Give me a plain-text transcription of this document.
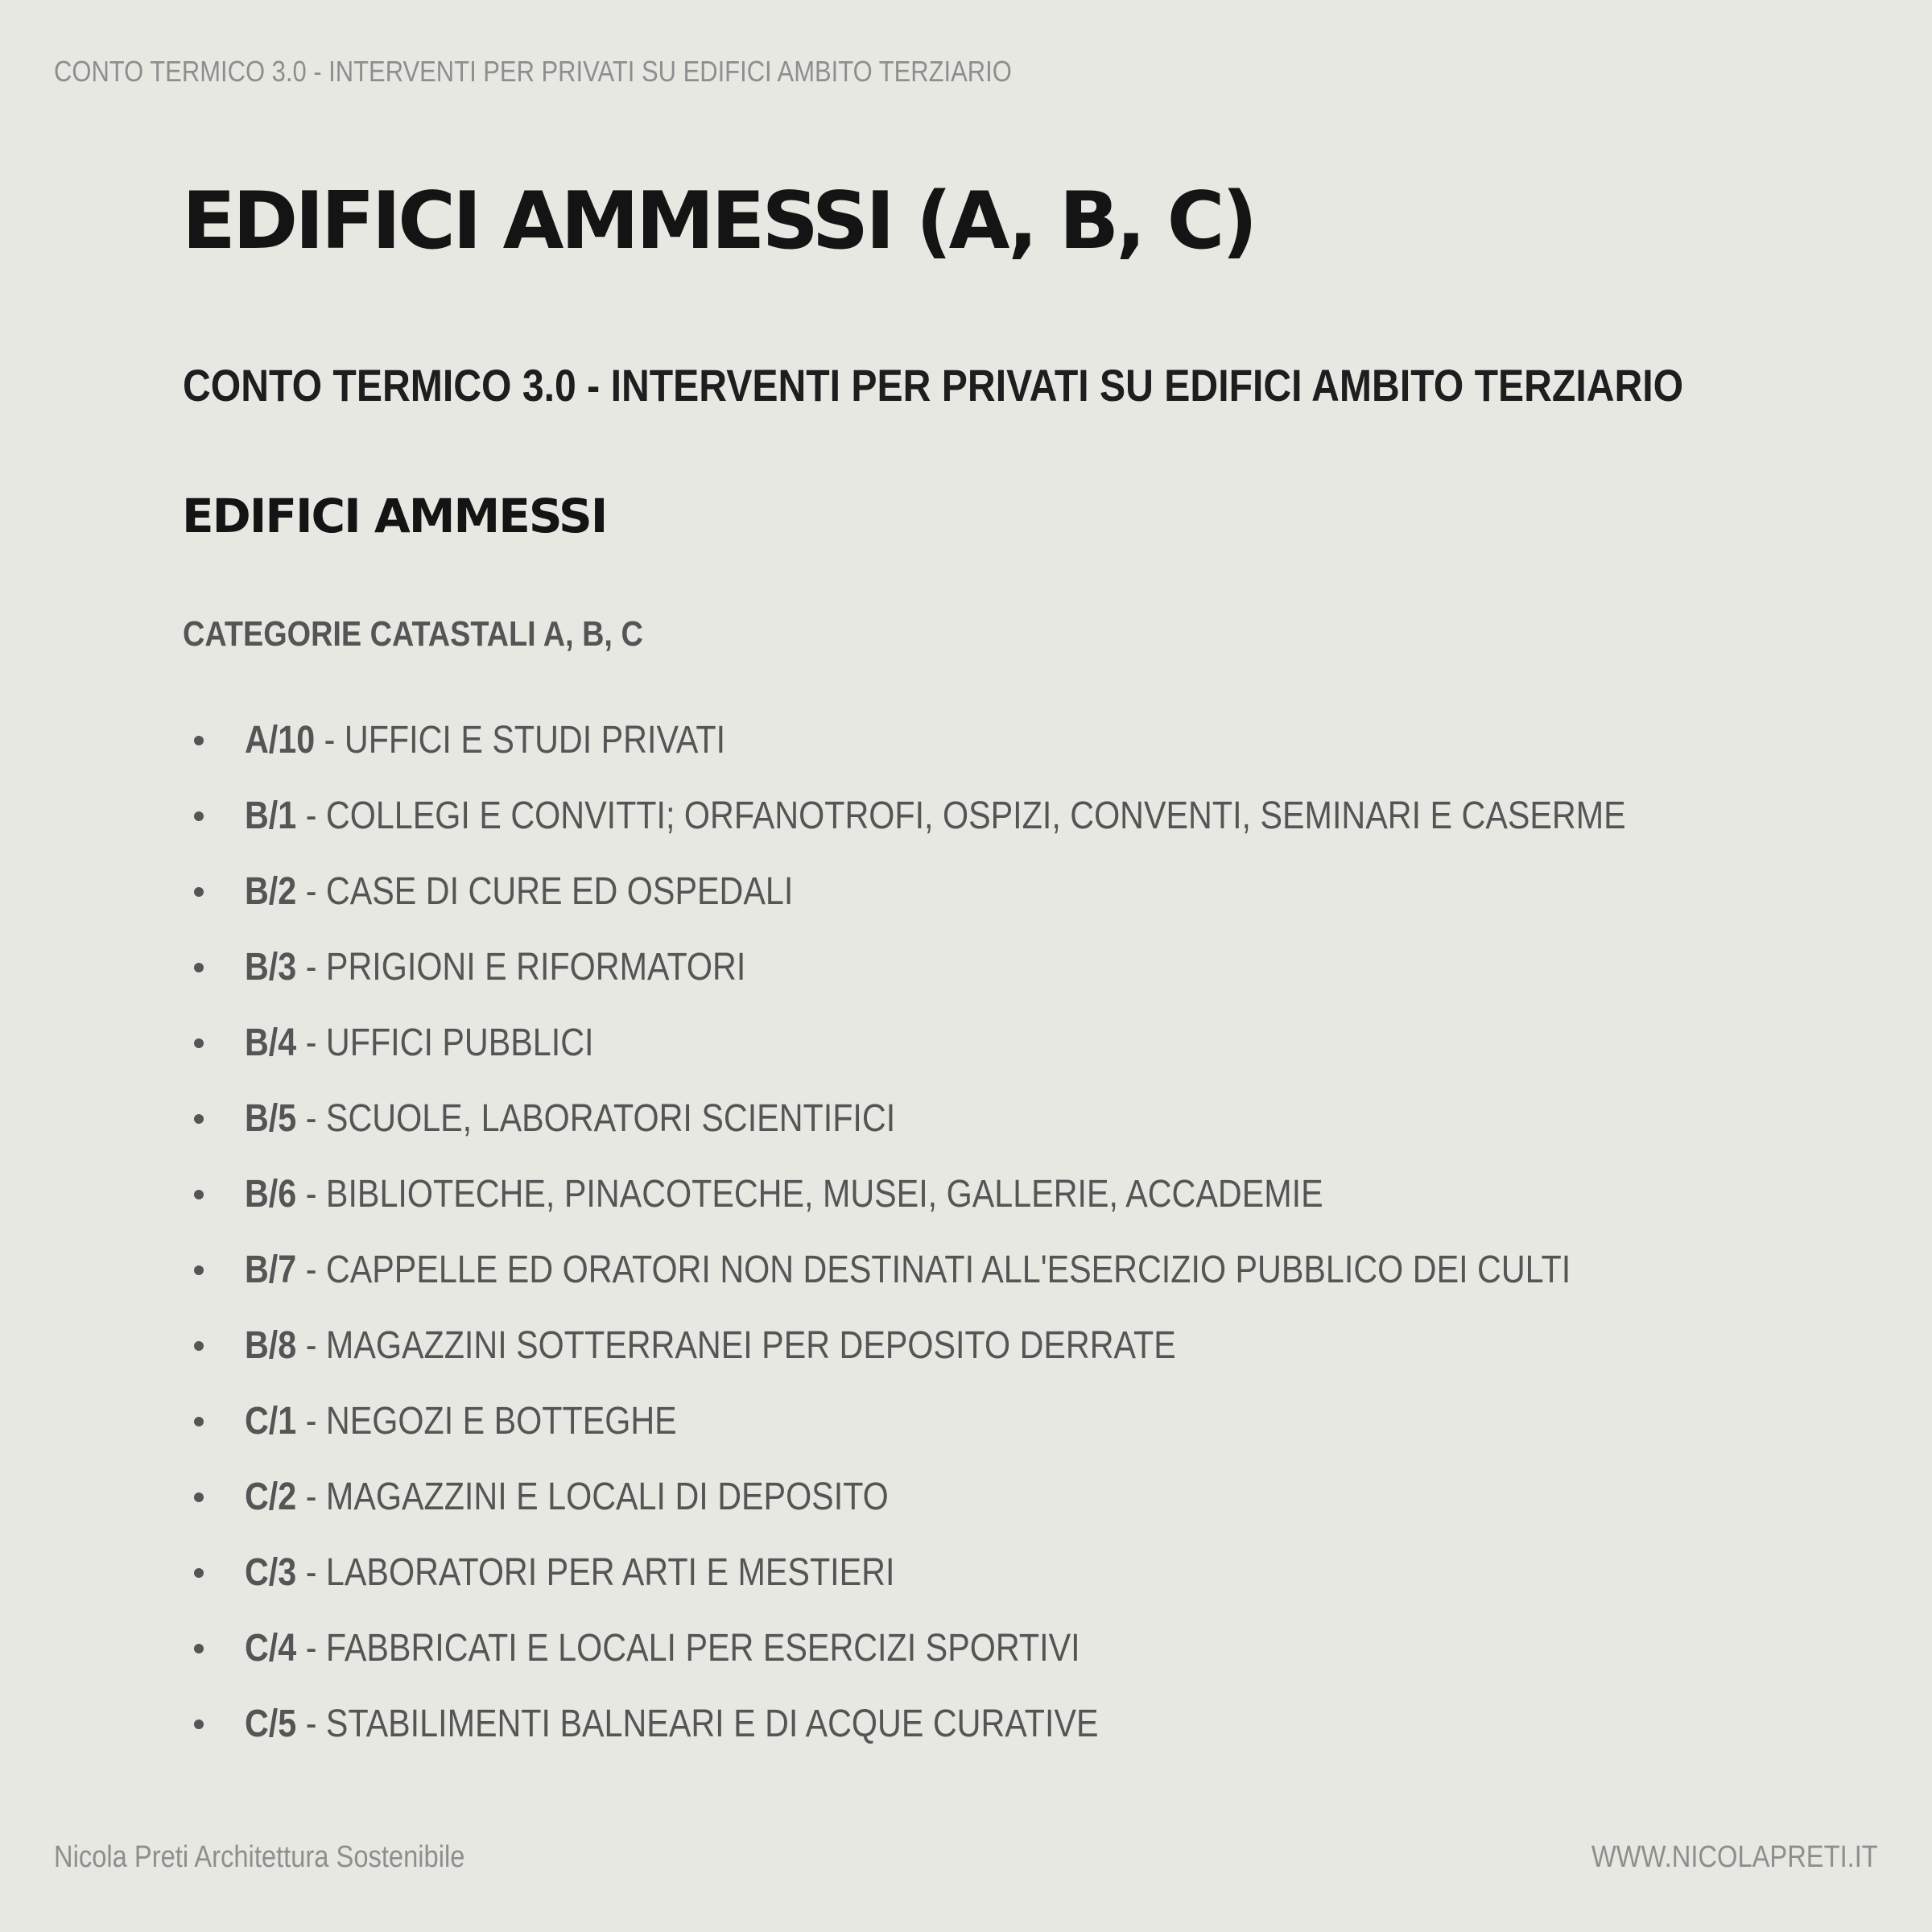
CONTO TERMICO 3.0 - INTERVENTI PER PRIVATI SU EDIFICI AMBITO TERZIARIO
EDIFICI AMMESSI (A, B, C)
CONTO TERMICO 3.0 - INTERVENTI PER PRIVATI SU EDIFICI AMBITO TERZIARIO
EDIFICI AMMESSI
CATEGORIE CATASTALI A, B, C
A/10 - UFFICI E STUDI PRIVATI
B/1 - COLLEGI E CONVITTI; ORFANOTROFI, OSPIZI, CONVENTI, SEMINARI E CASERME
B/2 - CASE DI CURE ED OSPEDALI
B/3 - PRIGIONI E RIFORMATORI
B/4 - UFFICI PUBBLICI
B/5 - SCUOLE, LABORATORI SCIENTIFICI
B/6 - BIBLIOTECHE, PINACOTECHE, MUSEI, GALLERIE, ACCADEMIE
B/7 - CAPPELLE ED ORATORI NON DESTINATI ALL'ESERCIZIO PUBBLICO DEI CULTI
B/8 - MAGAZZINI SOTTERRANEI PER DEPOSITO DERRATE
C/1 - NEGOZI E BOTTEGHE
C/2 - MAGAZZINI E LOCALI DI DEPOSITO
C/3 - LABORATORI PER ARTI E MESTIERI
C/4 - FABBRICATI E LOCALI PER ESERCIZI SPORTIVI
C/5 - STABILIMENTI BALNEARI E DI ACQUE CURATIVE
Nicola Preti Architettura Sostenibile	WWW.NICOLAPRETI.IT
